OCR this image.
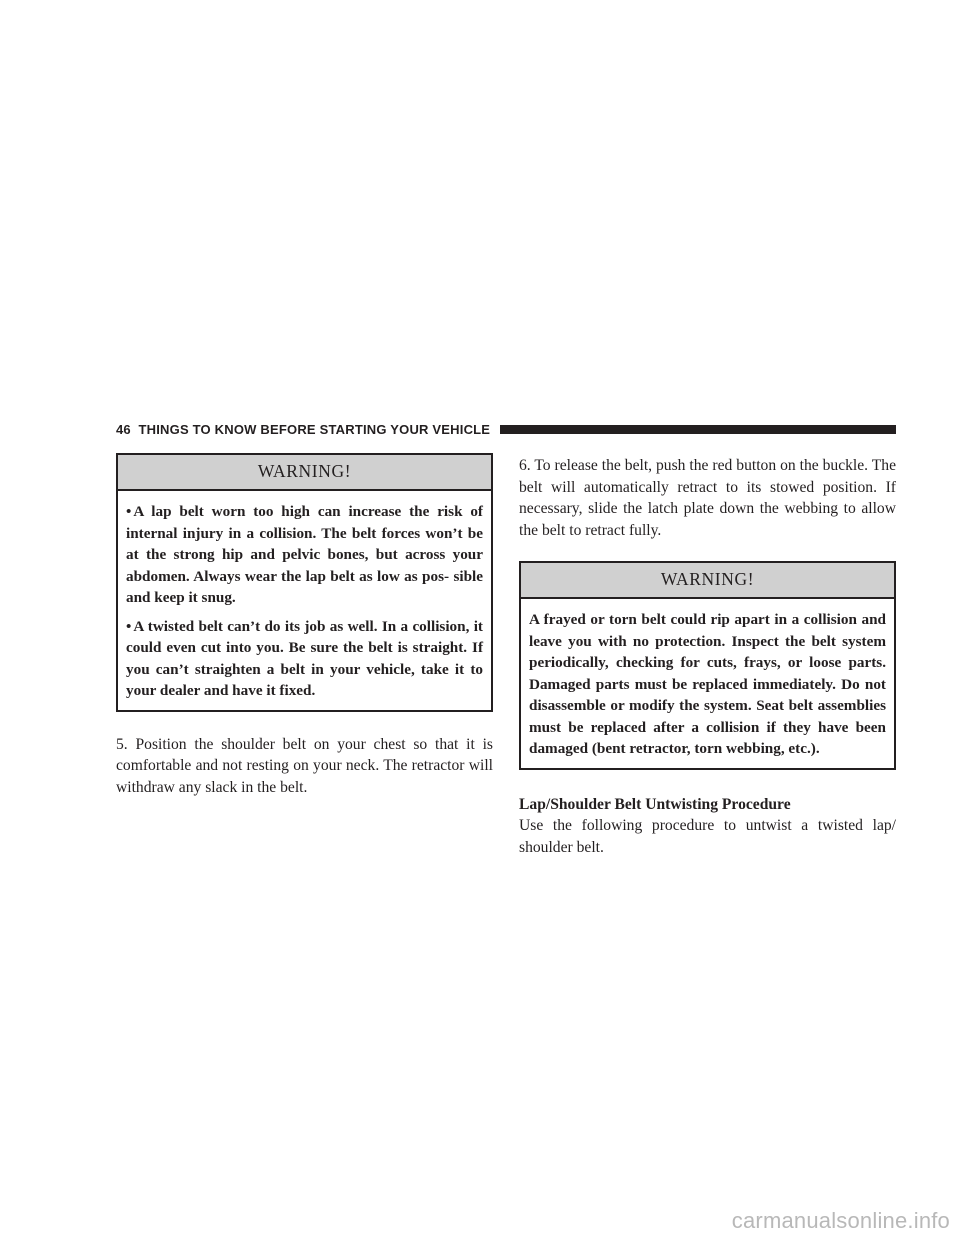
46 THINGS TO KNOW BEFORE STARTING YOUR VEHICLE
WARNING!

• A lap belt worn too high can increase the risk of internal injury in a collision. The belt forces won’t be at the strong hip and pelvic bones, but across your abdomen. Always wear the lap belt as low as pos- sible and keep it snug.

• A twisted belt can’t do its job as well. In a collision, it could even cut into you. Be sure the belt is straight. If you can’t straighten a belt in your vehicle, take it to your dealer and have it fixed.

5. Position the shoulder belt on your chest so that it is comfortable and not resting on your neck. The retractor will withdraw any slack in the belt.

6. To release the belt, push the red button on the buckle. The belt will automatically retract to its stowed position. If necessary, slide the latch plate down the webbing to allow the belt to retract fully.

WARNING!

A frayed or torn belt could rip apart in a collision and leave you with no protection. Inspect the belt system periodically, checking for cuts, frays, or loose parts. Damaged parts must be replaced immediately. Do not disassemble or modify the system. Seat belt assemblies must be replaced after a collision if they have been damaged (bent retractor, torn webbing, etc.).

Lap/Shoulder Belt Untwisting Procedure

Use the following procedure to untwist a twisted lap/ shoulder belt.

carmanualsonline.info
